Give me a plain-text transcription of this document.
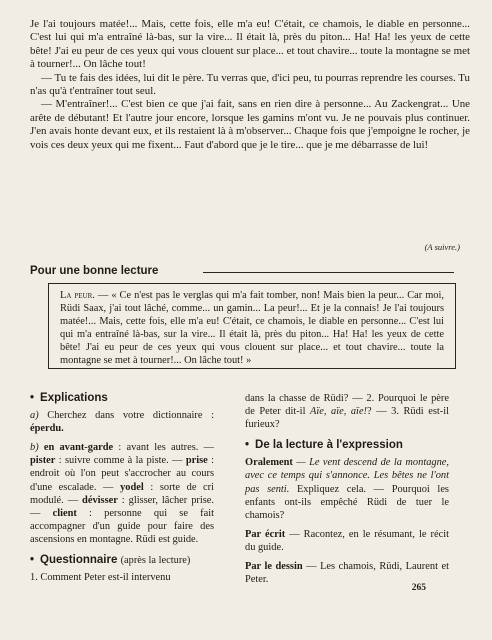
Je l'ai toujours matée!... Mais, cette fois, elle m'a eu! C'était, ce chamois, le diable en personne... C'est lui qui m'a entraîné là-bas, sur la vire... Il était là, près du piton... Ha! Ha! les yeux de cette bête! J'ai eu peur de ces yeux qui vous clouent sur place... et tout chavire... toute la montagne se met à tourner!... On lâche tout!

— Tu te fais des idées, lui dit le père. Tu verras que, d'ici peu, tu pourras reprendre les courses. Tu n'as qu'à t'entraîner tout seul.

— M'entraîner!... C'est bien ce que j'ai fait, sans en rien dire à personne... Au Zackengrat... Une arête de débutant! Et l'autre jour encore, lorsque les gamins m'ont vu. Je ne pouvais plus continuer. J'en avais honte devant eux, et ils restaient là à m'observer... Chaque fois que j'empoigne le rocher, je vois ces deux yeux qui me fixent... Faut d'abord que je le tire... que je me débarrasse de lui!

(A suivre.)
Pour une bonne lecture
La peur. — « Ce n'est pas le verglas qui m'a fait tomber, non! Mais bien la peur... Car moi, Rüdi Saax, j'ai tout lâché, comme... un gamin... La peur!... Et je la connais! Je l'ai toujours matée!... Mais, cette fois, elle m'a eu! C'était, ce chamois, le diable en personne... C'est lui qui m'a entraîné là-bas, sur la vire... Il était là, près du piton... Ha! Ha! les yeux de cette bête! J'ai eu peur de ces yeux qui vous clouent sur place... et tout chavire... toute la montagne se met à tourner!... On lâche tout! »
• Explications

a) Cherchez dans votre dictionnaire : éperdu.

b) en avant-garde : avant les autres. — pister : suivre comme à la piste. — prise : endroit où l'on peut s'accrocher au cours d'une escalade. — yodel : sorte de cri modulé. — dévisser : glisser, lâcher prise. — client : personne qui se fait accompagner d'un guide pour faire des ascensions en montagne. Rüdi est guide.

• Questionnaire (après la lecture)

1. Comment Peter est-il intervenu

dans la chasse de Rüdi? — 2. Pourquoi le père de Peter dit-il Aïe, aïe, aïe!? — 3. Rüdi est-il furieux?

• De la lecture à l'expression

Oralement — Le vent descend de la montagne, avec ce temps qui s'annonce. Les bêtes ne l'ont pas senti. Expliquez cela. — Pourquoi les enfants ont-ils empêché Rüdi de tuer le chamois?

Par écrit — Racontez, en le résumant, le récit du guide.

Par le dessin — Les chamois, Rüdi, Laurent et Peter.

265
